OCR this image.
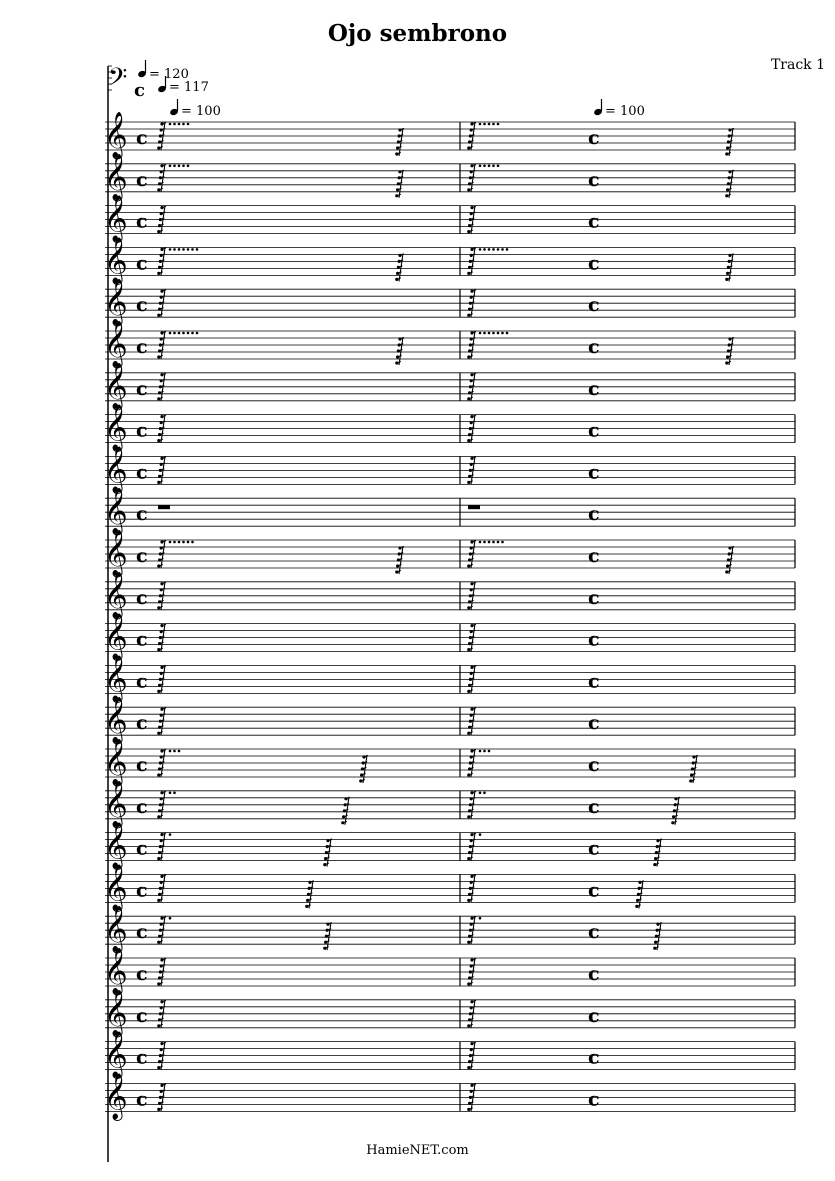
Ojo sembrono
Track 1
𝄢 = 120
c = 117
= 100	= 100
𝄞 c	c
𝄞 c	c
𝄞 c	c
𝄞 c	c
𝄞 c	c
𝄞 c	c
𝄞 c	c
𝄞 c	c
𝄞 c	c
𝄞 c	c
𝄞 c	c
𝄞 c	c
𝄞 c	c
𝄞 c	c
𝄞 c	c
𝄞 c	c
𝄞 c	c
𝄞 c	c
𝄞 c	c
𝄞 c	c
𝄞 c	c
𝄞 c	c
𝄞 c	c
𝄞 c	c
HamieNET.com
